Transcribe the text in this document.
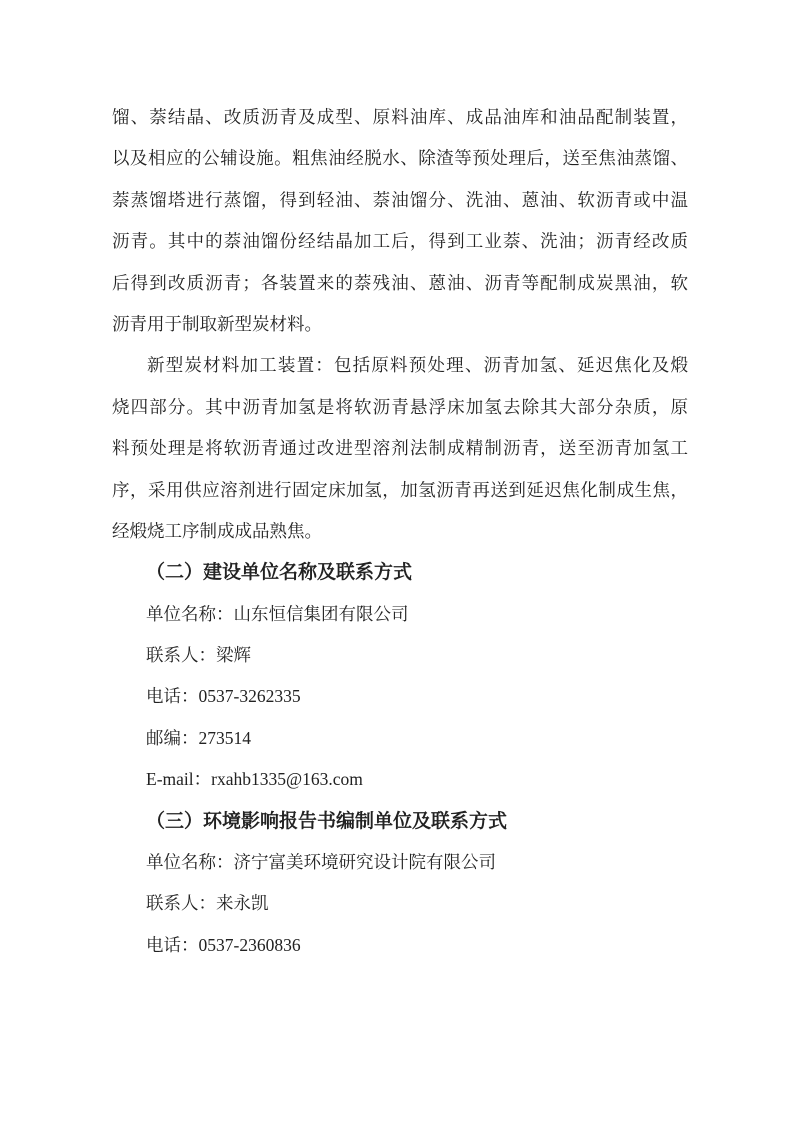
馏、萘结晶、改质沥青及成型、原料油库、成品油库和油品配制装置，
以及相应的公辅设施。粗焦油经脱水、除渣等预处理后，送至焦油蒸馏、
萘蒸馏塔进行蒸馏，得到轻油、萘油馏分、洗油、蒽油、软沥青或中温
沥青。其中的萘油馏份经结晶加工后，得到工业萘、洗油；沥青经改质
后得到改质沥青；各装置来的萘残油、蒽油、沥青等配制成炭黑油，软
沥青用于制取新型炭材料。

新型炭材料加工装置：包括原料预处理、沥青加氢、延迟焦化及煅
烧四部分。其中沥青加氢是将软沥青悬浮床加氢去除其大部分杂质，原
料预处理是将软沥青通过改进型溶剂法制成精制沥青，送至沥青加氢工
序，采用供应溶剂进行固定床加氢，加氢沥青再送到延迟焦化制成生焦，
经煅烧工序制成成品熟焦。

（二）建设单位名称及联系方式
单位名称：山东恒信集团有限公司
联系人：梁辉
电话：0537-3262335
邮编：273514
E-mail：rxahb1335@163.com
（三）环境影响报告书编制单位及联系方式
单位名称：济宁富美环境研究设计院有限公司
联系人：来永凯
电话：0537-2360836
